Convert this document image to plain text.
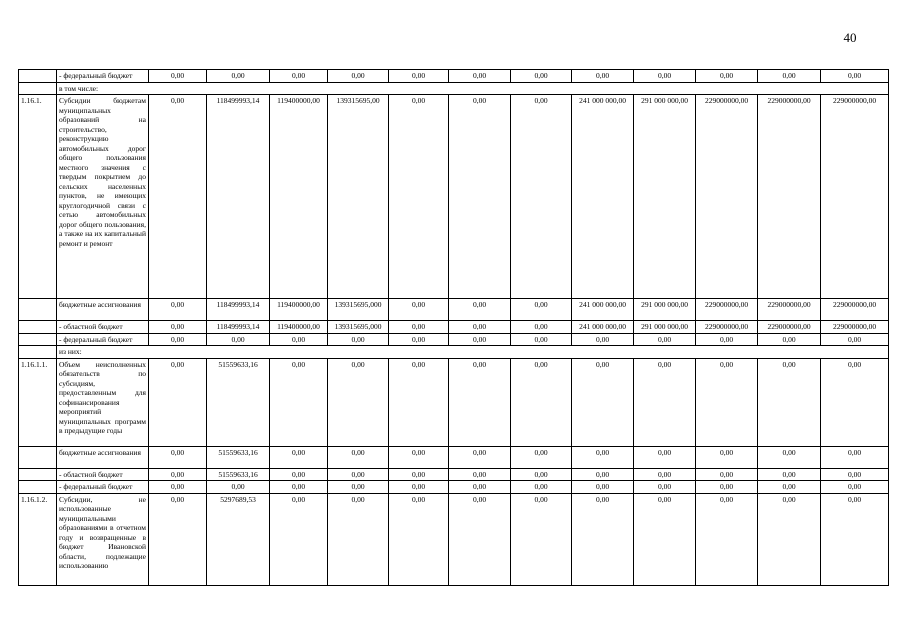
40
	- федеральный бюджет	0,00	0,00	0,00	0,00	0,00	0,00	0,00	0,00	0,00	0,00	0,00	0,00
	в том числе:												
1.16.1.	Субсидии бюджетам муниципальных образований на строительство, реконструкцию автомобильных дорог общего пользования местного значения с твердым покрытием до сельских населенных пунктов, не имеющих круглогодичной связи с сетью автомобильных дорог общего пользования, а также на их капитальный ремонт и ремонт	0,00	118499993,14	119400000,00	139315695,00	0,00	0,00	0,00	241 000 000,00	291 000 000,00	229000000,00	229000000,00	229000000,00
	бюджетные ассигнования	0,00	118499993,14	119400000,00	139315695,000	0,00	0,00	0,00	241 000 000,00	291 000 000,00	229000000,00	229000000,00	229000000,00
	- областной бюджет	0,00	118499993,14	119400000,00	139315695,000	0,00	0,00	0,00	241 000 000,00	291 000 000,00	229000000,00	229000000,00	229000000,00
	- федеральный бюджет	0,00	0,00	0,00	0,00	0,00	0,00	0,00	0,00	0,00	0,00	0,00	0,00
	из них:												
1.16.1.1.	Объем неисполненных обязательств по субсидиям, предоставленным для софинансирования мероприятий муниципальных программ в предыдущие годы	0,00	51559633,16	0,00	0,00	0,00	0,00	0,00	0,00	0,00	0,00	0,00	0,00
	бюджетные ассигнования	0,00	51559633,16	0,00	0,00	0,00	0,00	0,00	0,00	0,00	0,00	0,00	0,00
	- областной бюджет	0,00	51559633,16	0,00	0,00	0,00	0,00	0,00	0,00	0,00	0,00	0,00	0,00
	- федеральный бюджет	0,00	0,00	0,00	0,00	0,00	0,00	0,00	0,00	0,00	0,00	0,00	0,00
1.16.1.2.	Субсидии, не использованные муниципальными образованиями в отчетном году и возвращенные в бюджет Ивановской области, подлежащие использованию	0,00	5297689,53	0,00	0,00	0,00	0,00	0,00	0,00	0,00	0,00	0,00	0,00
